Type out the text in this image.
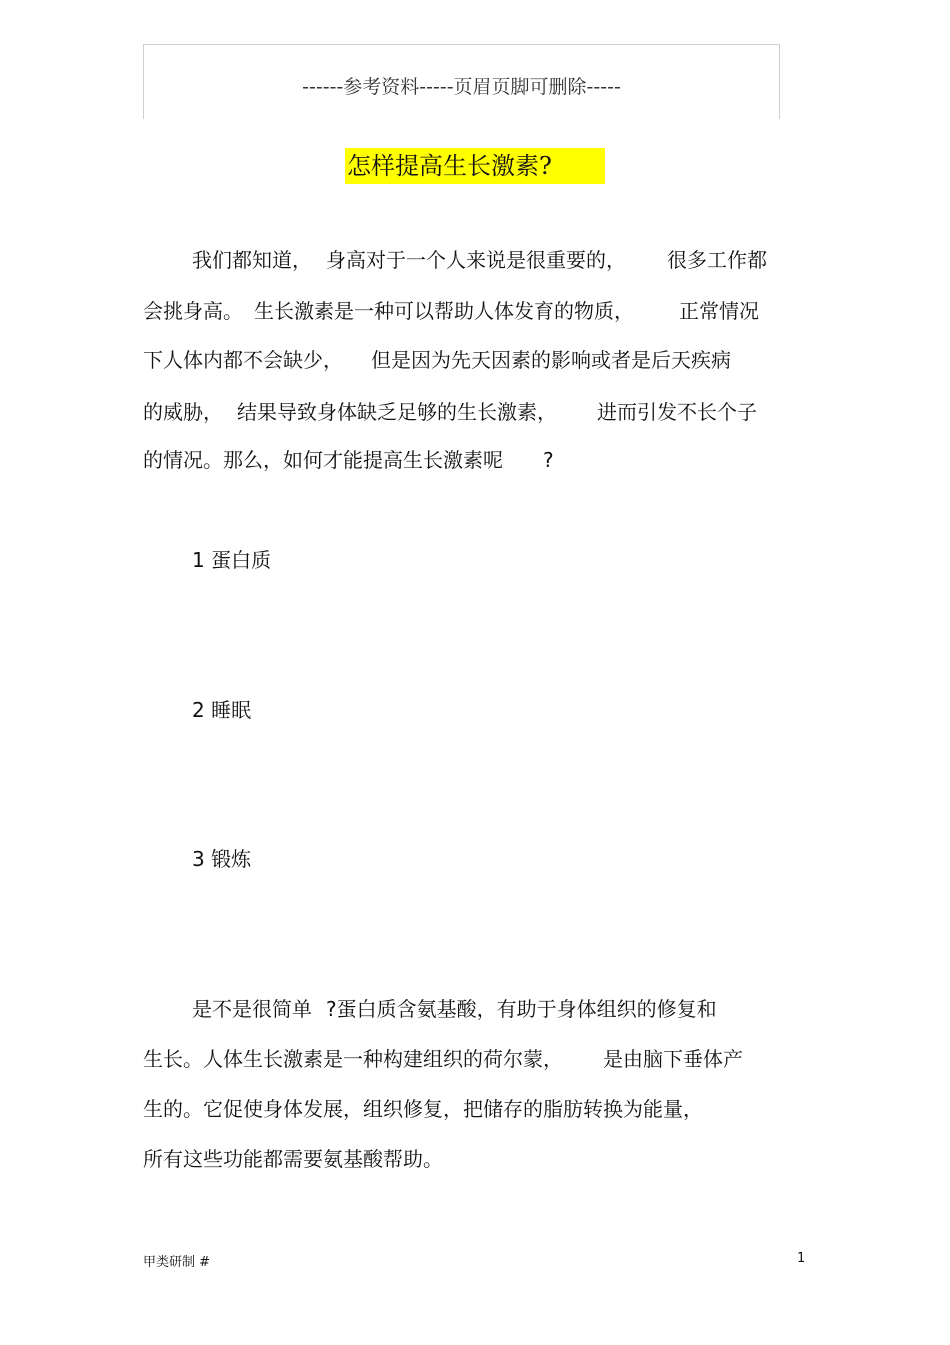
------参考资料-----页眉页脚可删除-----
怎样提高生长激素?
我们都知道， 身高对于一个人来说是很重要的， 很多工作都
会挑身高。 生长激素是一种可以帮助人体发育的物质， 正常情况
下人体内都不会缺少， 但是因为先天因素的影响或者是后天疾病
的威胁， 结果导致身体缺乏足够的生长激素， 进而引发不长个子
的情况。那么，如何才能提高生长激素呢 ?
1 蛋白质
2 睡眠
3 锻炼
是不是很简单 ?蛋白质含氨基酸，有助于身体组织的修复和
生长。人体生长激素是一种构建组织的荷尔蒙， 是由脑下垂体产
生的。它促使身体发展，组织修复，把储存的脂肪转换为能量，
所有这些功能都需要氨基酸帮助。
甲类研制 #	1
